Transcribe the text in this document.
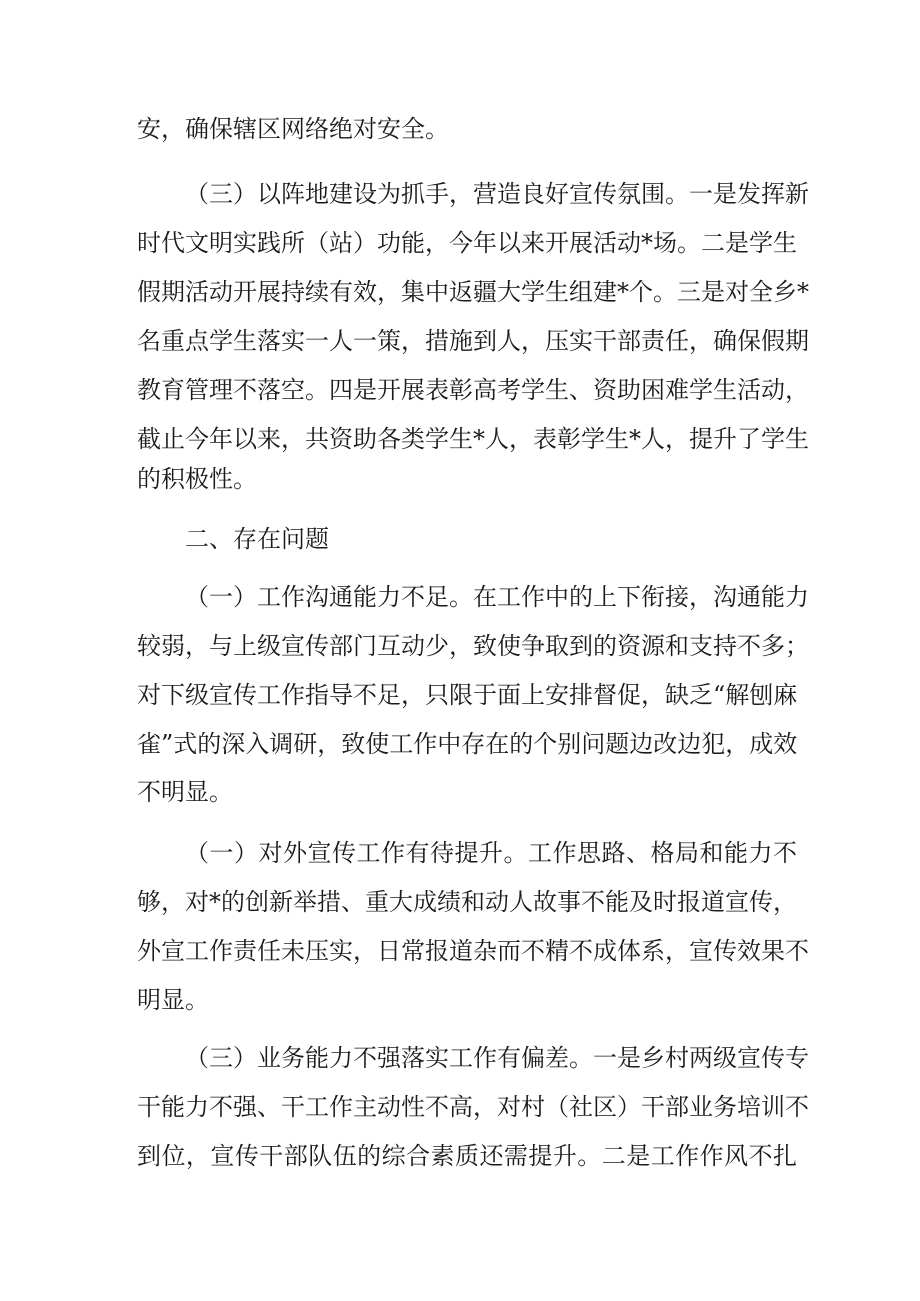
安，确保辖区网络绝对安全。
（三）以阵地建设为抓手，营造良好宣传氛围。一是发挥新
时代文明实践所（站）功能，今年以来开展活动*场。二是学生
假期活动开展持续有效，集中返疆大学生组建*个。三是对全乡*
名重点学生落实一人一策，措施到人，压实干部责任，确保假期
教育管理不落空。四是开展表彰高考学生、资助困难学生活动，
截止今年以来，共资助各类学生*人，表彰学生*人，提升了学生
的积极性。
二、存在问题
（一）工作沟通能力不足。在工作中的上下衔接，沟通能力
较弱，与上级宣传部门互动少，致使争取到的资源和支持不多；
对下级宣传工作指导不足，只限于面上安排督促，缺乏“解刨麻
雀”式的深入调研，致使工作中存在的个别问题边改边犯，成效
不明显。
（一）对外宣传工作有待提升。工作思路、格局和能力不
够，对*的创新举措、重大成绩和动人故事不能及时报道宣传，
外宣工作责任未压实，日常报道杂而不精不成体系，宣传效果不
明显。
（三）业务能力不强落实工作有偏差。一是乡村两级宣传专
干能力不强、干工作主动性不高，对村（社区）干部业务培训不
到位，宣传干部队伍的综合素质还需提升。二是工作作风不扎
